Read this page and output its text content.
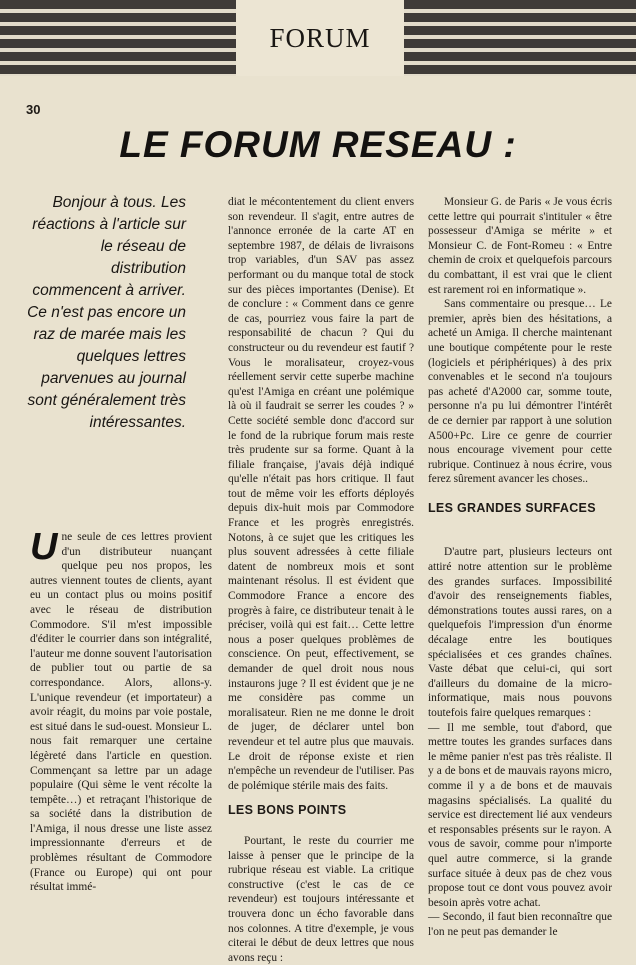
FORUM
30
LE FORUM RESEAU :
Bonjour à tous. Les réactions à l'article sur le réseau de distribution commencent à arriver. Ce n'est pas encore un raz de marée mais les quelques lettres parvenues au journal sont généralement très intéressantes.

Une seule de ces lettres provient d'un distributeur nuançant quelque peu nos propos, les autres viennent toutes de clients, ayant eu un contact plus ou moins positif avec le réseau de distribution Commodore. S'il m'est impossible d'éditer le courrier dans son intégralité, l'auteur me donne souvent l'autorisation de publier tout ou partie de sa correspondance. Alors, allons-y. L'unique revendeur (et importateur) a avoir réagit, du moins par voie postale, est situé dans le sud-ouest. Monsieur L. nous fait remarquer une certaine légèreté dans l'article en question. Commençant sa lettre par un adage populaire (Qui sème le vent récolte la tempête…) et retraçant l'historique de sa société dans la distribution de l'Amiga, il nous dresse une liste assez impressionnante d'erreurs et de problèmes résultant de Commodore (France ou Europe) qui ont pour résultat immé-

diat le mécontentement du client envers son revendeur. Il s'agit, entre autres de l'annonce erronée de la carte AT en septembre 1987, de délais de livraisons trop variables, d'un SAV pas assez performant ou du manque total de stock sur des pièces importantes (Denise). Et de conclure : « Comment dans ce genre de cas, pourriez vous faire la part de responsabilité de chacun ? Qui du constructeur ou du revendeur est fautif ? Vous le moralisateur, croyez-vous réellement servir cette superbe machine qu'est l'Amiga en créant une polémique là où il faudrait se serrer les coudes ? » Cette société semble donc d'accord sur le fond de la rubrique forum mais reste très prudente sur sa forme. Quant à la filiale française, j'avais déjà indiqué qu'elle n'était pas hors critique. Il faut tout de même voir les efforts déployés depuis dix-huit mois par Commodore France et les progrès enregistrés. Notons, à ce sujet que les critiques les plus souvent adressées à cette filiale datent de nombreux mois et sont maintenant résolus. Il est évident que Commodore France a encore des progrès à faire, ce distributeur tenait à le préciser, voilà qui est fait… Cette lettre nous a poser quelques problèmes de conscience. On peut, effectivement, se demander de quel droit nous nous instaurons juge ? Il est évident que je ne me considère pas comme un moralisateur. Rien ne me donne le droit de juger, de déclarer untel bon revendeur et tel autre plus que mauvais. Le droit de réponse existe et rien n'empêche un revendeur de l'utiliser. Pas de polémique stérile mais des faits.

LES BONS POINTS

Pourtant, le reste du courrier me laisse à penser que le principe de la rubrique réseau est viable. La critique constructive (c'est le cas de ce revendeur) est toujours intéressante et trouvera donc un écho favorable dans nos colonnes. A titre d'exemple, je vous citerai le début de deux lettres que nous avons reçu :

Monsieur G. de Paris « Je vous écris cette lettre qui pourrait s'intituler « être possesseur d'Amiga se mérite » et Monsieur C. de Font-Romeu : « Entre chemin de croix et quelquefois parcours du combattant, il est vrai que le client est rarement roi en informatique ».

Sans commentaire ou presque… Le premier, après bien des hésitations, a acheté un Amiga. Il cherche maintenant une boutique compétente pour le reste (logiciels et périphériques) à des prix convenables et le second n'a toujours pas acheté d'A2000 car, somme toute, personne n'a pu lui démontrer l'intérêt de ce dernier par rapport à une solution A500+Pc. Lire ce genre de courrier nous encourage vivement pour cette rubrique. Continuez à nous écrire, vous ferez sûrement avancer les choses..

LES GRANDES SURFACES

D'autre part, plusieurs lecteurs ont attiré notre attention sur le problème des grandes surfaces. Impossibilité d'avoir des renseignements fiables, démonstrations toutes aussi rares, on a quelquefois l'impression d'un énorme décalage entre les boutiques spécialisées et ces grandes chaînes. Vaste débat que celui-ci, qui sort d'ailleurs du domaine de la micro-informatique, mais nous pouvons toutefois faire quelques remarques :

— Il me semble, tout d'abord, que mettre toutes les grandes surfaces dans le même panier n'est pas très réaliste. Il y a de bons et de mauvais rayons micro, comme il y a de bons et de mauvais magasins spécialisés. La qualité du service est directement lié aux vendeurs et responsables présents sur le rayon. A vous de savoir, comme pour n'importe quel autre commerce, si la grande surface située à deux pas de chez vous propose tout ce dont vous pouvez avoir besoin après votre achat.

— Secondo, il faut bien reconnaître que l'on ne peut pas demander le
